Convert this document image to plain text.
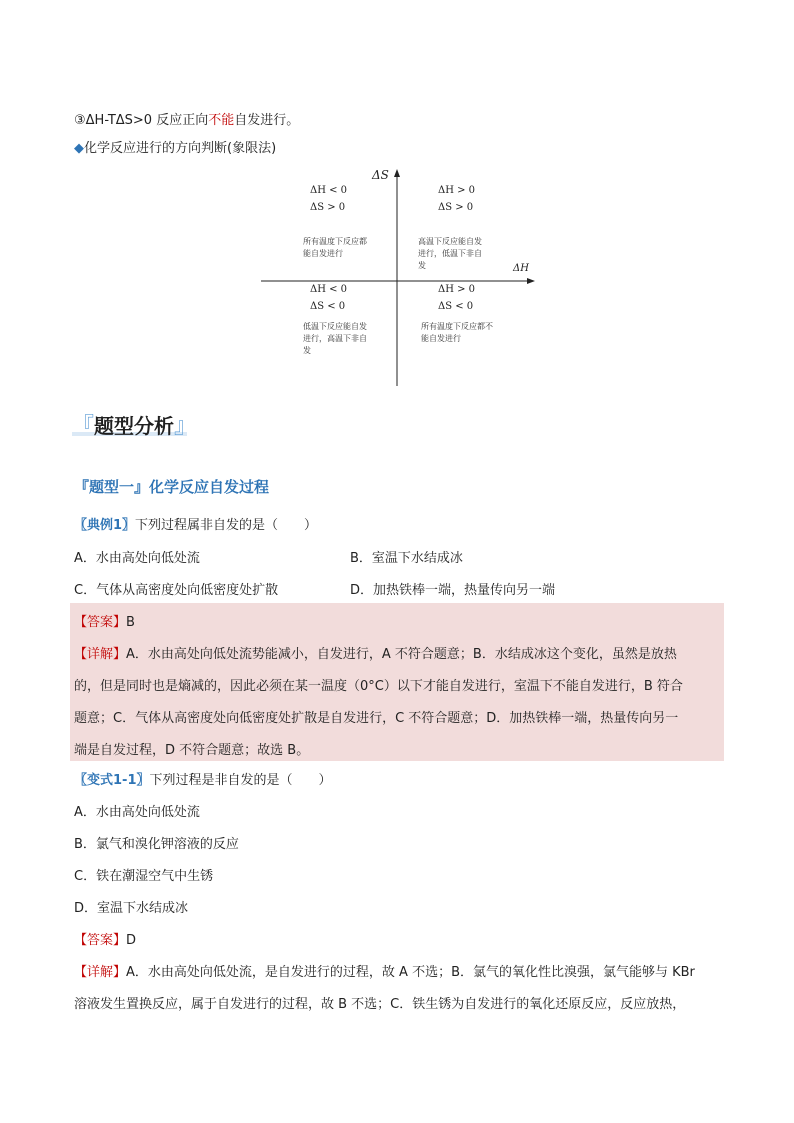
③ΔH-TΔS>0 反应正向不能自发进行。
◆化学反应进行的方向判断(象限法)
ΔS
ΔH
ΔH < 0
ΔS > 0
所有温度下反应都能自发进行
ΔH > 0
ΔS > 0
高温下反应能自发进行，低温下非自发
ΔH < 0
ΔS < 0
低温下反应能自发进行，高温下非自发
ΔH > 0
ΔS < 0
所有温度下反应都不能自发进行
『题型分析』
『题型一』化学反应自发过程
〖典例1〗下列过程属非自发的是（　　）
A．水由高处向低处流	B．室温下水结成冰
C．气体从高密度处向低密度处扩散	D．加热铁棒一端，热量传向另一端
【答案】B
【详解】A．水由高处向低处流势能减小，自发进行，A 不符合题意；B．水结成冰这个变化，虽然是放热
的，但是同时也是熵减的，因此必须在某一温度（0°C）以下才能自发进行，室温下不能自发进行，B 符合
题意；C．气体从高密度处向低密度处扩散是自发进行，C 不符合题意；D．加热铁棒一端，热量传向另一
端是自发过程，D 不符合题意；故选 B。
〖变式1-1〗下列过程是非自发的是（　　）
A．水由高处向低处流
B．氯气和溴化钾溶液的反应
C．铁在潮湿空气中生锈
D．室温下水结成冰
【答案】D
【详解】A．水由高处向低处流，是自发进行的过程，故 A 不选；B．氯气的氧化性比溴强，氯气能够与 KBr
溶液发生置换反应，属于自发进行的过程，故 B 不选；C．铁生锈为自发进行的氧化还原反应，反应放热，
